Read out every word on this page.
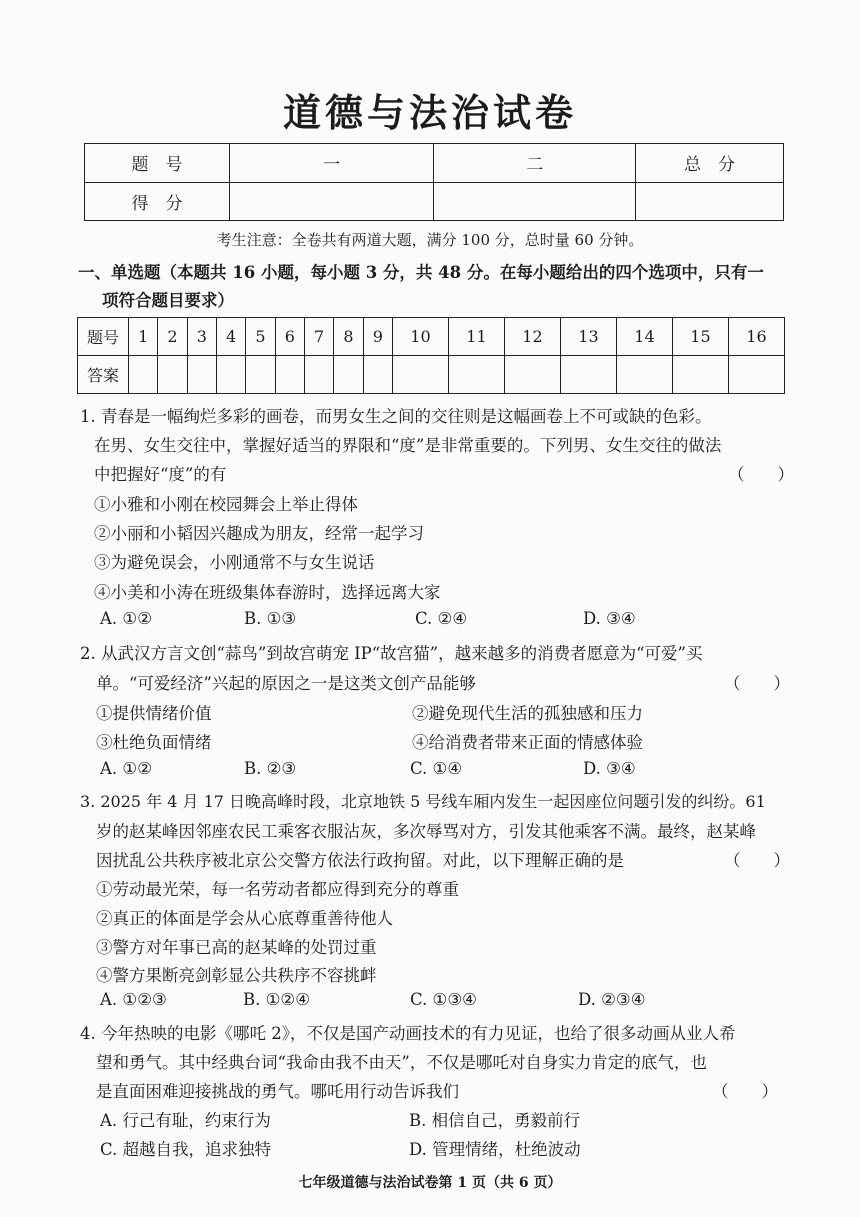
道德与法治试卷
题　号	一	二	总　分
得　分			
考生注意：全卷共有两道大题，满分 100 分，总时量 60 分钟。
一、单选题（本题共 16 小题，每小题 3 分，共 48 分。在每小题给出的四个选项中，只有一
项符合题目要求）
题号	1	2	3	4	5	6	7	8	9	10	11	12	13	14	15	16
答案																
1. 青春是一幅绚烂多彩的画卷，而男女生之间的交往则是这幅画卷上不可或缺的色彩。
在男、女生交往中，掌握好适当的界限和“度”是非常重要的。下列男、女生交往的做法
中把握好“度”的有	（　　）
①小雅和小刚在校园舞会上举止得体
②小丽和小韬因兴趣成为朋友，经常一起学习
③为避免误会，小刚通常不与女生说话
④小美和小涛在班级集体春游时，选择远离大家
A. ①②	B. ①③	C. ②④	D. ③④
2. 从武汉方言文创“蒜鸟”到故宫萌宠 IP“故宫猫”，越来越多的消费者愿意为“可爱”买
单。“可爱经济”兴起的原因之一是这类文创产品能够	（　　）
①提供情绪价值	②避免现代生活的孤独感和压力
③杜绝负面情绪	④给消费者带来正面的情感体验
A. ①②	B. ②③	C. ①④	D. ③④
3. 2025 年 4 月 17 日晚高峰时段，北京地铁 5 号线车厢内发生一起因座位问题引发的纠纷。61
岁的赵某峰因邻座农民工乘客衣服沾灰，多次辱骂对方，引发其他乘客不满。最终，赵某峰
因扰乱公共秩序被北京公交警方依法行政拘留。对此，以下理解正确的是	（　　）
①劳动最光荣，每一名劳动者都应得到充分的尊重
②真正的体面是学会从心底尊重善待他人
③警方对年事已高的赵某峰的处罚过重
④警方果断亮剑彰显公共秩序不容挑衅
A. ①②③	B. ①②④	C. ①③④	D. ②③④
4. 今年热映的电影《哪吒 2》，不仅是国产动画技术的有力见证，也给了很多动画从业人希
望和勇气。其中经典台词“我命由我不由天”，不仅是哪吒对自身实力肯定的底气，也
是直面困难迎接挑战的勇气。哪吒用行动告诉我们	（　　）
A. 行己有耻，约束行为	B. 相信自己，勇毅前行
C. 超越自我，追求独特	D. 管理情绪，杜绝波动
七年级道德与法治试卷第 1 页（共 6 页）
